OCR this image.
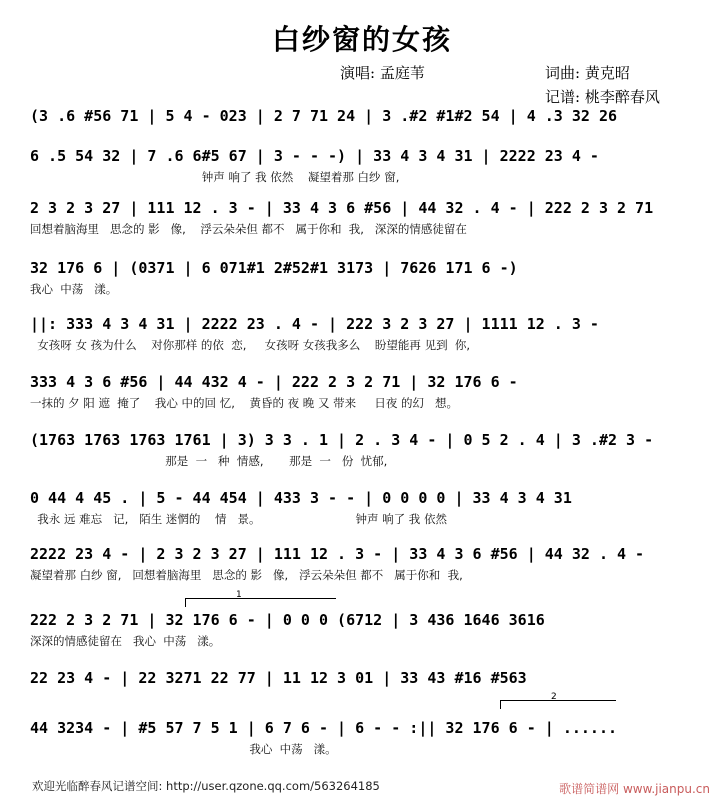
白纱窗的女孩
演唱: 孟庭苇	词曲: 黄克昭
记谱: 桃李醉春风
(3 .6 #56 71 | 5 4 - 023 | 2 7 71 24 | 3 .#2 #1#2 54 | 4 .3 32 26
6 .5 54 32 | 7 .6 6#5 67 | 3 - - -) | 33 4 3 4 31 | 2222 23 4 -
钟声 响了 我 依然    凝望着那 白纱 窗,
2 3 2 3 27 | 111 12 . 3 - | 33 4 3 6 #56 | 44 32 . 4 - | 222 2 3 2 71
回想着脑海里   思念的 影   像,    浮云朵朵但 都不   属于你和  我,   深深的情感徒留在
32 176 6 | (0371 | 6 071#1 2#52#1 3173 | 7626 171 6 -)
我心  中荡   漾。
||: 333 4 3 4 31 | 2222 23 . 4 - | 222 3 2 3 27 | 1111 12 . 3 -
女孩呀 女 孩为什么    对你那样 的依  恋,     女孩呀 女孩我多么    盼望能再 见到  你,
333 4 3 6 #56 | 44 432 4 - | 222 2 3 2 71 | 32 176 6 -
一抹的 夕 阳 遮  掩了    我心 中的回 忆,    黄昏的 夜 晚 又 带来     日夜 的幻   想。
(1763 1763 1763 1761 | 3) 3 3 . 1 | 2 . 3 4 - | 0 5 2 . 4 | 3 .#2 3 -
那是  一   种  情感,       那是  一   份  忧郁,
0 44 4 45 . | 5 - 44 454 | 433 3 - - | 0 0 0 0 | 33 4 3 4 31
我永 远 难忘   记,   陌生 迷惘的    情   景。                          钟声 响了 我 依然
2222 23 4 - | 2 3 2 3 27 | 111 12 . 3 - | 33 4 3 6 #56 | 44 32 . 4 -
凝望着那 白纱 窗,   回想着脑海里   思念的 影   像,   浮云朵朵但 都不   属于你和  我,
1
222 2 3 2 71 | 32 176 6 - | 0 0 0 (6712 | 3 436 1646 3616
深深的情感徒留在   我心  中荡   漾。
22 23 4 - | 22 3271 22 77 | 11 12 3 01 | 33 43 #16 #563
2
44 3234 - | #5 57 7 5 1 | 6 7 6 - | 6 - - :|| 32 176 6 - | ......
我心  中荡   漾。
欢迎光临醉春风记谱空间: http://user.qzone.qq.com/563264185	歌谱简谱网 www.jianpu.cn
